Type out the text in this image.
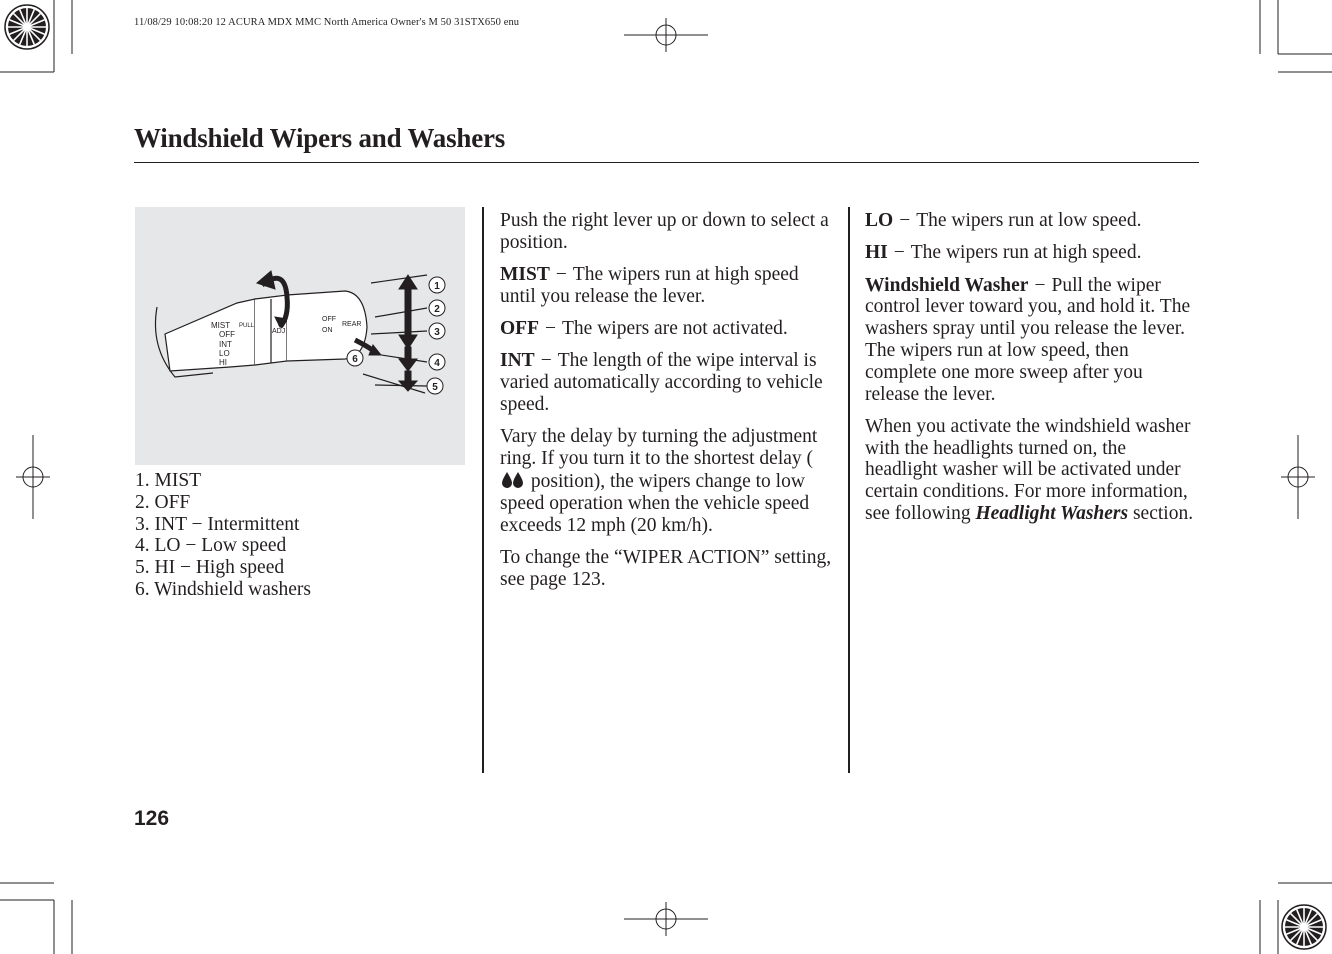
11/08/29 10:08:20 12 ACURA MDX MMC North America Owner's M 50 31STX650 enu
Windshield Wipers and Washers
MIST
OFF
INT
LO
HI
PULL
ADJ
OFF
ON
REAR
1
2
3
4
5
6
1. MIST
2. OFF
3. INT − Intermittent
4. LO − Low speed
5. HI − High speed
6. Windshield washers

Push the right lever up or down to select a position.

MIST − The wipers run at high speed until you release the lever.

OFF − The wipers are not activated.

INT − The length of the wipe interval is varied automatically according to vehicle speed.

Vary the delay by turning the adjustment ring. If you turn it to the shortest delay (
position), the wipers change to low speed operation when the vehicle speed exceeds 12 mph (20 km/h).

To change the “WIPER ACTION” setting, see page 123.

LO − The wipers run at low speed.

HI − The wipers run at high speed.

Windshield Washer − Pull the wiper control lever toward you, and hold it. The washers spray until you release the lever. The wipers run at low speed, then complete one more sweep after you release the lever.

When you activate the windshield washer with the headlights turned on, the headlight washer will be activated under certain conditions. For more information, see following Headlight Washers section.

126
